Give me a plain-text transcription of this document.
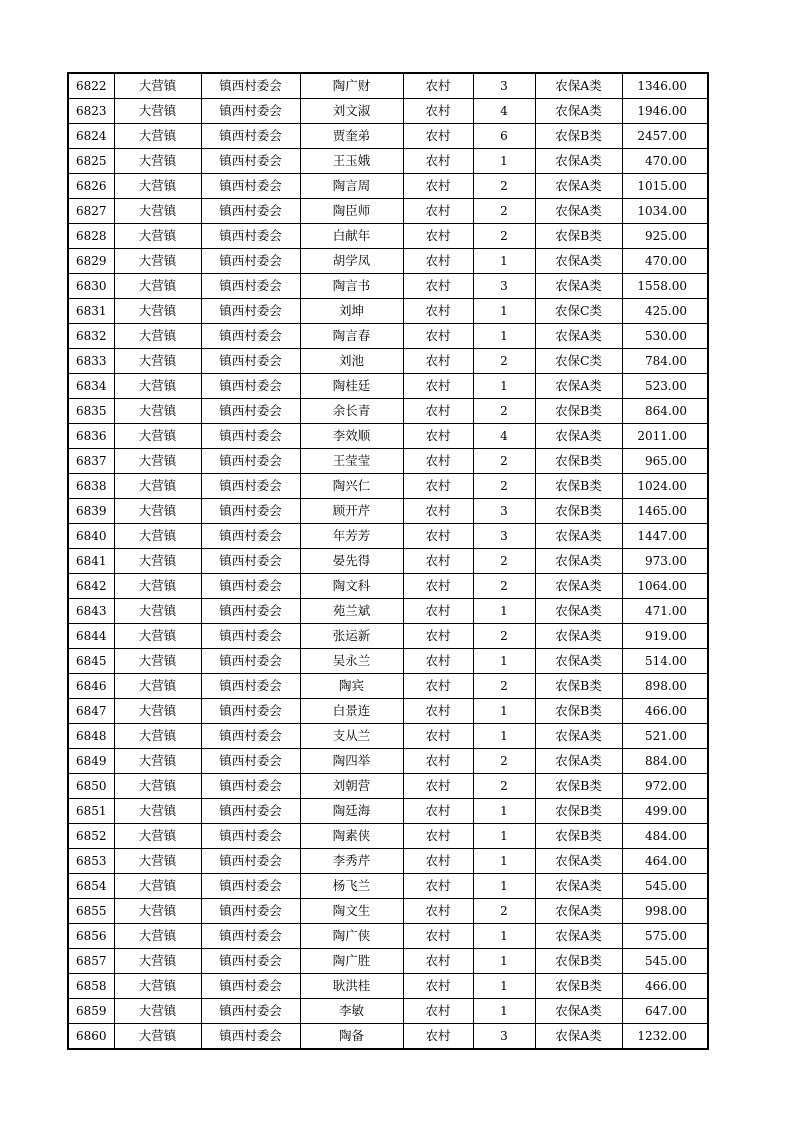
6822	大营镇	镇西村委会	陶广财	农村	3	农保A类	1346.00
6823	大营镇	镇西村委会	刘文淑	农村	4	农保A类	1946.00
6824	大营镇	镇西村委会	贾奎弟	农村	6	农保B类	2457.00
6825	大营镇	镇西村委会	王玉娥	农村	1	农保A类	470.00
6826	大营镇	镇西村委会	陶言周	农村	2	农保A类	1015.00
6827	大营镇	镇西村委会	陶臣师	农村	2	农保A类	1034.00
6828	大营镇	镇西村委会	白献年	农村	2	农保B类	925.00
6829	大营镇	镇西村委会	胡学凤	农村	1	农保A类	470.00
6830	大营镇	镇西村委会	陶言书	农村	3	农保A类	1558.00
6831	大营镇	镇西村委会	刘坤	农村	1	农保C类	425.00
6832	大营镇	镇西村委会	陶言春	农村	1	农保A类	530.00
6833	大营镇	镇西村委会	刘池	农村	2	农保C类	784.00
6834	大营镇	镇西村委会	陶桂廷	农村	1	农保A类	523.00
6835	大营镇	镇西村委会	余长青	农村	2	农保B类	864.00
6836	大营镇	镇西村委会	李效顺	农村	4	农保A类	2011.00
6837	大营镇	镇西村委会	王莹莹	农村	2	农保B类	965.00
6838	大营镇	镇西村委会	陶兴仁	农村	2	农保B类	1024.00
6839	大营镇	镇西村委会	顾开芹	农村	3	农保B类	1465.00
6840	大营镇	镇西村委会	年芳芳	农村	3	农保A类	1447.00
6841	大营镇	镇西村委会	晏先得	农村	2	农保A类	973.00
6842	大营镇	镇西村委会	陶文科	农村	2	农保A类	1064.00
6843	大营镇	镇西村委会	苑兰斌	农村	1	农保A类	471.00
6844	大营镇	镇西村委会	张运新	农村	2	农保A类	919.00
6845	大营镇	镇西村委会	吴永兰	农村	1	农保A类	514.00
6846	大营镇	镇西村委会	陶宾	农村	2	农保B类	898.00
6847	大营镇	镇西村委会	白景连	农村	1	农保B类	466.00
6848	大营镇	镇西村委会	支从兰	农村	1	农保A类	521.00
6849	大营镇	镇西村委会	陶四举	农村	2	农保A类	884.00
6850	大营镇	镇西村委会	刘朝营	农村	2	农保B类	972.00
6851	大营镇	镇西村委会	陶廷海	农村	1	农保B类	499.00
6852	大营镇	镇西村委会	陶素侠	农村	1	农保B类	484.00
6853	大营镇	镇西村委会	李秀芹	农村	1	农保A类	464.00
6854	大营镇	镇西村委会	杨飞兰	农村	1	农保A类	545.00
6855	大营镇	镇西村委会	陶文生	农村	2	农保A类	998.00
6856	大营镇	镇西村委会	陶广侠	农村	1	农保A类	575.00
6857	大营镇	镇西村委会	陶广胜	农村	1	农保B类	545.00
6858	大营镇	镇西村委会	耿洪桂	农村	1	农保B类	466.00
6859	大营镇	镇西村委会	李敏	农村	1	农保A类	647.00
6860	大营镇	镇西村委会	陶备	农村	3	农保A类	1232.00
